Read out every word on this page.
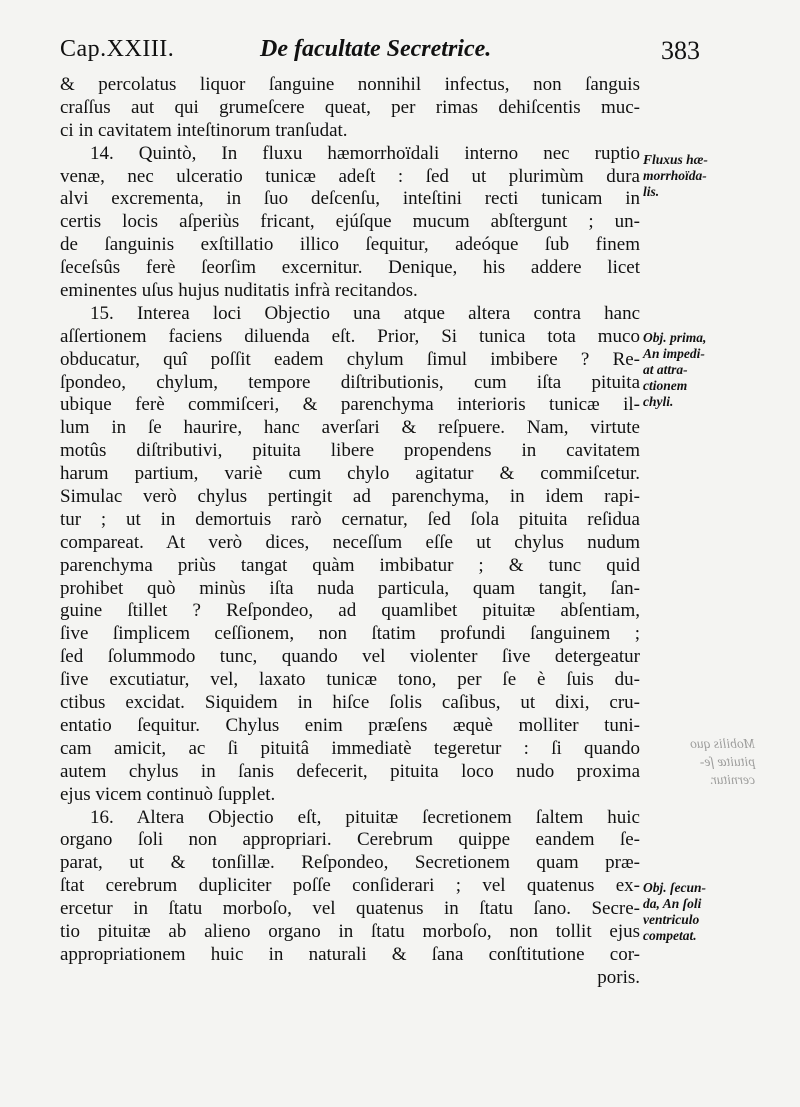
Cap.XXIII.	De facultate Secretrice.	383

& percolatus liquor ſanguine nonnihil infectus, non ſanguis

craſſus aut qui grumeſcere queat, per rimas dehiſcentis muc-

ci in cavitatem inteſtinorum tranſudat.

14. Quintò, In fluxu hæmorrhoïdali interno nec ruptio

venæ, nec ulceratio tunicæ adeſt : ſed ut plurimùm dura

alvi excrementa, in ſuo deſcenſu, inteſtini recti tunicam in

certis locis aſperiùs fricant, ejúſque mucum abſtergunt ; un-

de ſanguinis exſtillatio illico ſequitur, adeóque ſub finem

ſeceſsûs ferè ſeorſim excernitur. Denique, his addere licet

eminentes uſus hujus nuditatis infrà recitandos.

15. Interea loci Objectio una atque altera contra hanc

aſſertionem faciens diluenda eſt. Prior, Si tunica tota muco

obducatur, quî poſſit eadem chylum ſimul imbibere ? Re-

ſpondeo, chylum, tempore diſtributionis, cum iſta pituita

ubique ferè commiſceri, & parenchyma interioris tunicæ il-

lum in ſe haurire, hanc averſari & reſpuere. Nam, virtute

motûs diſtributivi, pituita libere propendens in cavitatem

harum partium, variè cum chylo agitatur & commiſcetur.

Simulac verò chylus pertingit ad parenchyma, in idem rapi-

tur ; ut in demortuis rarò cernatur, ſed ſola pituita reſidua

compareat. At verò dices, neceſſum eſſe ut chylus nudum

parenchyma priùs tangat quàm imbibatur ; & tunc quid

prohibet quò minùs iſta nuda particula, quam tangit, ſan-

guine ſtillet ? Reſpondeo, ad quamlibet pituitæ abſentiam,

ſive ſimplicem ceſſionem, non ſtatim profundi ſanguinem ;

ſed ſolummodo tunc, quando vel violenter ſive detergeatur

ſive excutiatur, vel, laxato tunicæ tono, per ſe è ſuis du-

ctibus excidat. Siquidem in hiſce ſolis caſibus, ut dixi, cru-

entatio ſequitur. Chylus enim præſens æquè molliter tuni-

cam amicit, ac ſi pituitâ immediatè tegeretur : ſi quando

autem chylus in ſanis defecerit, pituita loco nudo proxima

ejus vicem continuò ſupplet.

16. Altera Objectio eſt, pituitæ ſecretionem ſaltem huic

organo ſoli non appropriari. Cerebrum quippe eandem ſe-

parat, ut & tonſillæ. Reſpondeo, Secretionem quam præ-

ſtat cerebrum dupliciter poſſe conſiderari ; vel quatenus ex-

ercetur in ſtatu morboſo, vel quatenus in ſtatu ſano. Secre-

tio pituitæ ab alieno organo in ſtatu morboſo, non tollit ejus

appropriationem huic in naturali & ſana conſtitutione cor-

poris.

Fluxus hæ-
morrhoïda-
lis.
Obj. prima,
An impedi-
at attra-
ctionem
chyli.
Mobilis quo
pituitæ ſe-
cernitur.
Obj. ſecun-
da, An ſoli
ventriculo
competat.
